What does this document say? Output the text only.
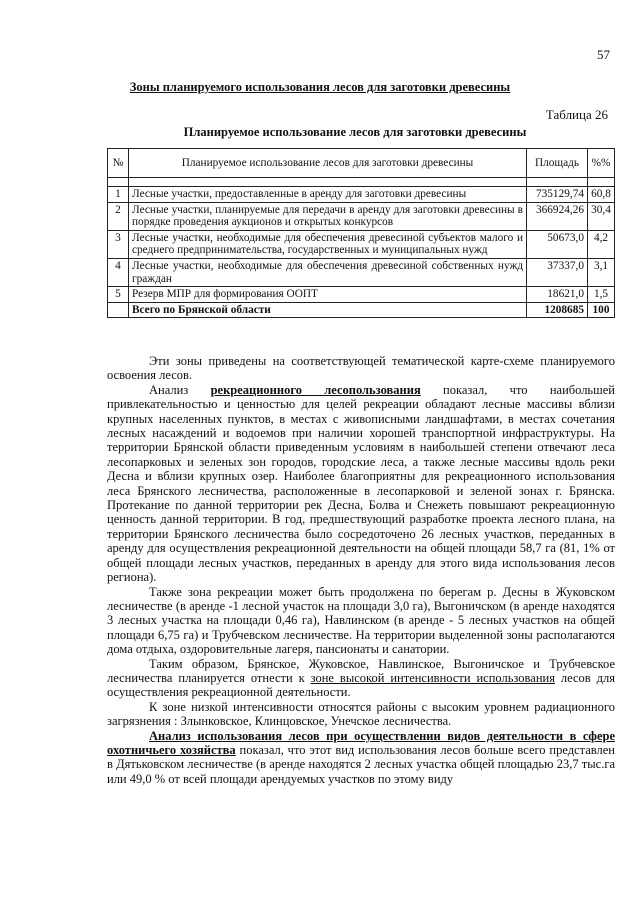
57
Зоны планируемого использования лесов для заготовки древесины
Таблица 26
Планируемое использование лесов для заготовки древесины
№	Планируемое использование лесов для заготовки древесины	Площадь	%%

1	Лесные участки, предоставленные в аренду для заготовки древесины	735129,74	60,8
2	Лесные участки, планируемые для передачи в аренду для заготовки древесины в порядке проведения аукционов и открытых конкурсов	366924,26	30,4
3	Лесные участки, необходимые для обеспечения древесиной субъектов малого и среднего предпринимательства, государственных и муниципальных нужд	50673,0	4,2
4	Лесные участки, необходимые для обеспечения древесиной собственных нужд граждан	37337,0	3,1
5	Резерв МПР для формирования ООПТ	18621,0	1,5
	Всего по Брянской области	1208685	100

Эти зоны приведены на соответствующей тематической карте-схеме планируемого освоения лесов.

Анализ рекреационного лесопользования показал, что наибольшей привлекательностью и ценностью для целей рекреации обладают лесные массивы вблизи крупных населенных пунктов, в местах с живописными ландшафтами, в местах сочетания лесных насаждений и водоемов при наличии хорошей транспортной инфраструктуры. На территории Брянской области приведенным условиям в наибольшей степени отвечают леса лесопарковых и зеленых зон городов, городские леса, а также лесные массивы вдоль реки Десна и вблизи крупных озер. Наиболее благоприятны для рекреационного использования леса Брянского лесничества, расположенные в лесопарковой и зеленой зонах г. Брянска. Протекание по данной территории рек Десна, Болва и Снежеть повышают рекреационную ценность данной территории. В год, предшествующий разработке проекта лесного плана, на территории Брянского лесничества было сосредоточено 26 лесных участков, переданных в аренду для осуществления рекреационной деятельности на общей площади 58,7 га (81, 1% от общей площади лесных участков, переданных в аренду для этого вида использования лесов региона).

Также зона рекреации может быть продолжена по берегам р. Десны в Жуковском лесничестве (в аренде -1 лесной участок на площади 3,0 га), Выгоничском (в аренде находятся 3 лесных участка на площади 0,46 га), Навлинском (в аренде - 5 лесных участков на общей площади 6,75 га) и Трубчевском лесничестве. На территории выделенной зоны располагаются дома отдыха, оздоровительные лагеря, пансионаты и санатории.

Таким образом, Брянское, Жуковское, Навлинское, Выгоничское и Трубчевское лесничества планируется отнести к зоне высокой интенсивности использования лесов для осуществления рекреационной деятельности.

К зоне низкой интенсивности относятся районы с высоким уровнем радиационного загрязнения : Злынковское, Клинцовское, Унечское лесничества.

Анализ использования лесов при осуществлении видов деятельности в сфере охотничьего хозяйства показал, что этот вид использования лесов больше всего представлен в Дятьковском лесничестве (в аренде находятся 2 лесных участка общей площадью 23,7 тыс.га или 49,0 % от всей площади арендуемых участков по этому виду
